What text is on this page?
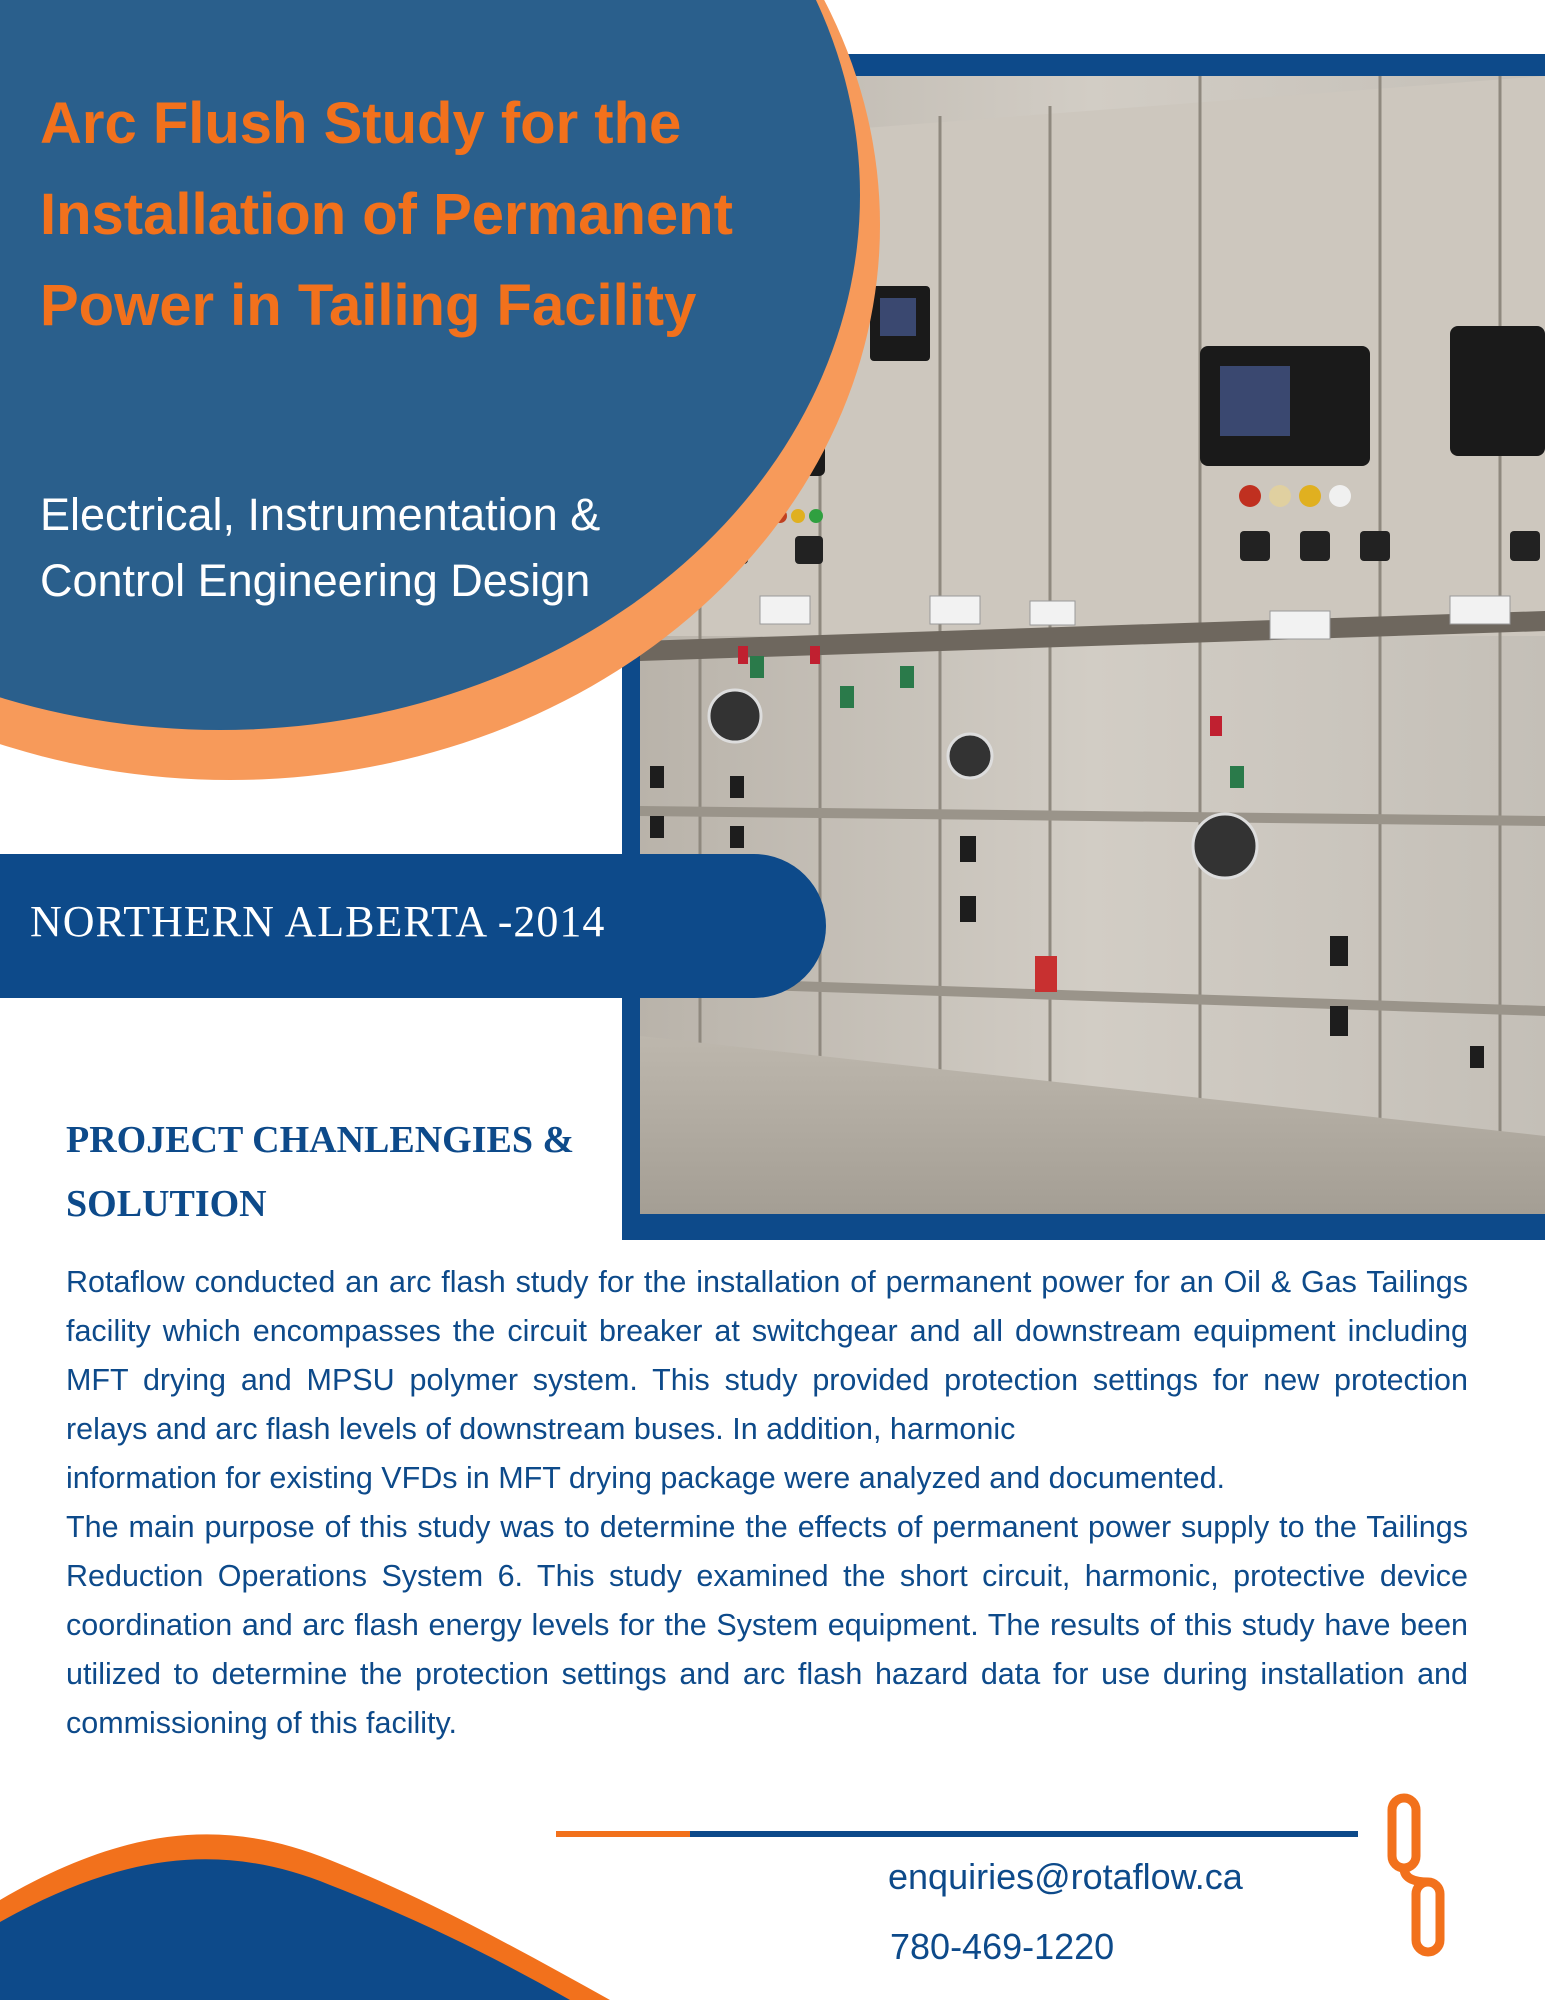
Arc Flush Study for the Installation of Permanent Power in Tailing Facility

Electrical, Instrumentation & Control Engineering Design

NORTHERN ALBERTA -2014
PROJECT CHANLENGIES & SOLUTION

Rotaflow conducted an arc flash study for the installation of permanent power for an Oil & Gas Tailings facility which encompasses the circuit breaker at switchgear and all downstream equipment including MFT drying and MPSU polymer system. This study provided protection settings for new protection relays and arc flash levels of downstream buses. In addition, harmonic

information for existing VFDs in MFT drying package were analyzed and documented.

The main purpose of this study was to determine the effects of permanent power supply to the Tailings Reduction Operations System 6. This study examined the short circuit, harmonic, protective device coordination and arc flash energy levels for the System equipment. The results of this study have been utilized to determine the protection settings and arc flash hazard data for use during installation and commissioning of this facility.

enquiries@rotaflow.ca
780-469-1220
